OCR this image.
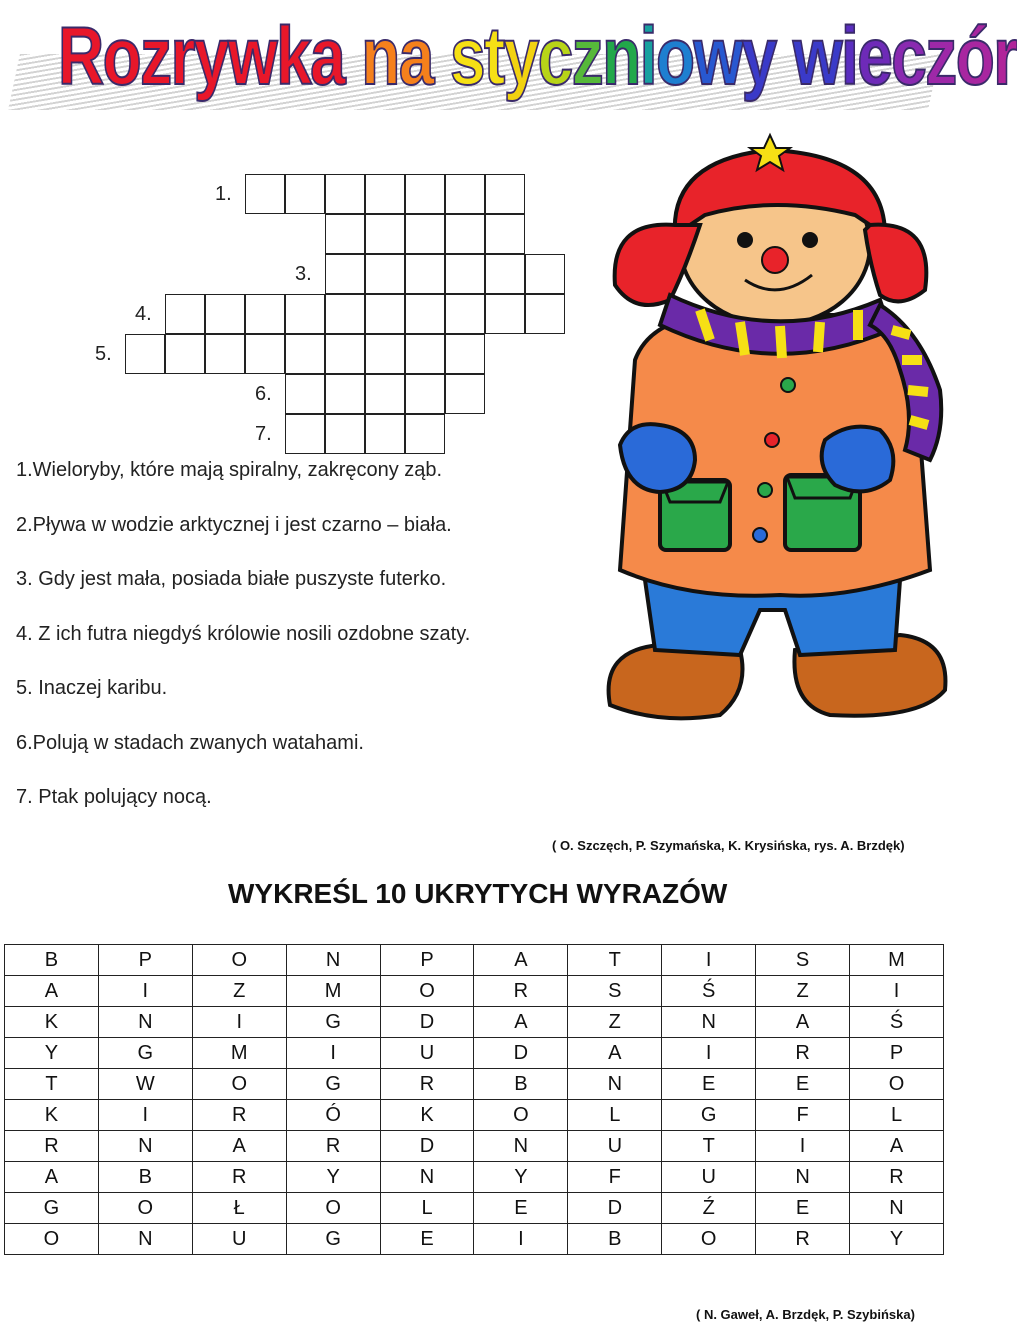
Rozrywka na styczniowy wieczór
1.
3.
4.
5.
6.
7.
1.Wieloryby, które mają spiralny, zakręcony ząb.
2.Pływa w wodzie arktycznej i jest czarno – biała.
3. Gdy jest mała, posiada białe puszyste futerko.
4. Z ich futra niegdyś królowie nosili ozdobne szaty.
5. Inaczej karibu.
6.Polują w stadach zwanych watahami.
7. Ptak polujący nocą.
( O. Szczęch, P. Szymańska, K. Krysińska, rys. A. Brzdęk)
WYKREŚL 10 UKRYTYCH WYRAZÓW
B	P	O	N	P	A	T	I	S	M
A	I	Z	M	O	R	S	Ś	Z	I
K	N	I	G	D	A	Z	N	A	Ś
Y	G	M	I	U	D	A	I	R	P
T	W	O	G	R	B	N	E	E	O
K	I	R	Ó	K	O	L	G	F	L
R	N	A	R	D	N	U	T	I	A
A	B	R	Y	N	Y	F	U	N	R
G	O	Ł	O	L	E	D	Ź	E	N
O	N	U	G	E	I	B	O	R	Y
( N. Gaweł, A. Brzdęk, P. Szybińska)
